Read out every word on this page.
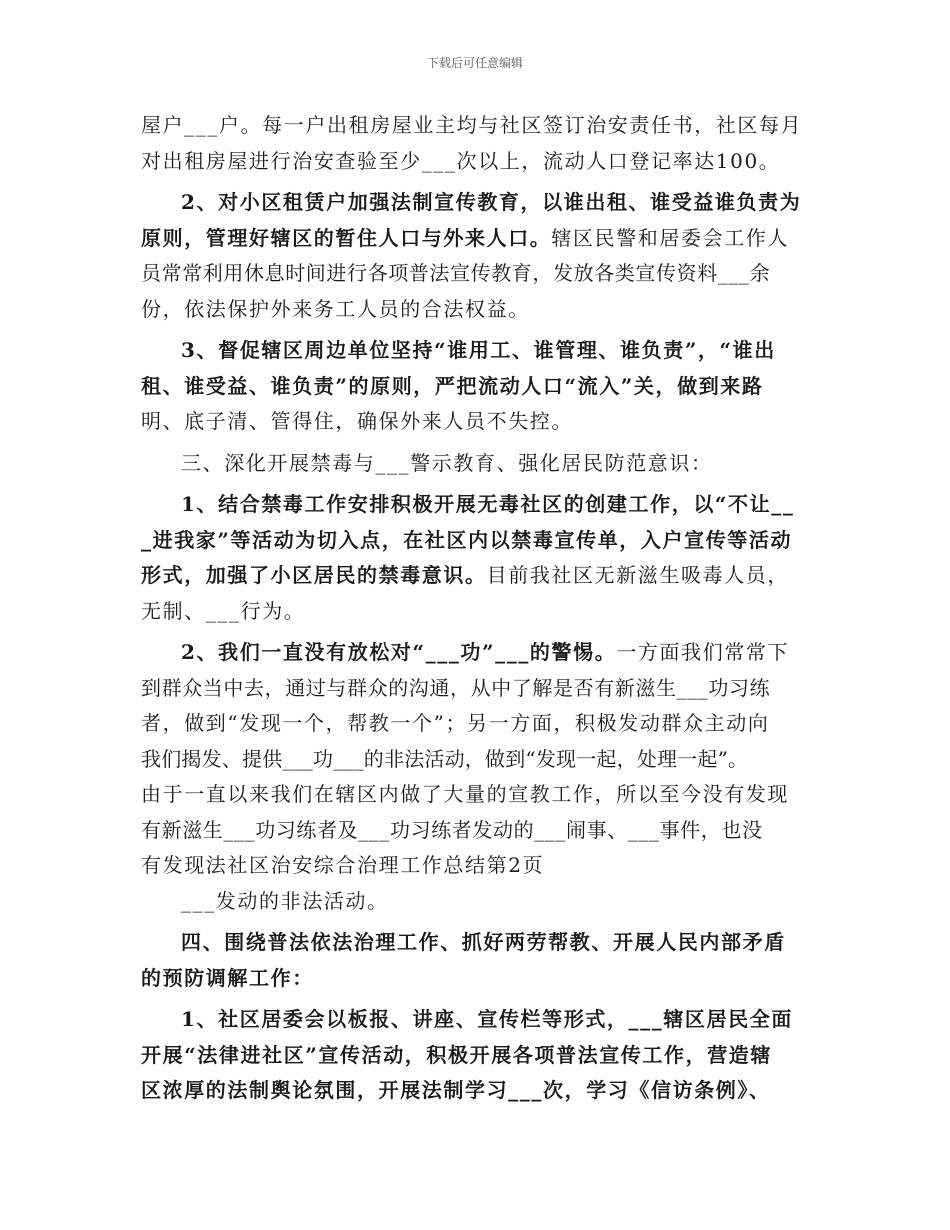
下载后可任意编辑
屋户___户。每一户出租房屋业主均与社区签订治安责任书，社区每月
对出租房屋进行治安查验至少___次以上，流动人口登记率达100。
2、对小区租赁户加强法制宣传教育，以谁出租、谁受益谁负责为
原则，管理好辖区的暂住人口与外来人口。辖区民警和居委会工作人
员常常利用休息时间进行各项普法宣传教育，发放各类宣传资料___余
份，依法保护外来务工人员的合法权益。
3、督促辖区周边单位坚持“谁用工、谁管理、谁负责”，“谁出
租、谁受益、谁负责”的原则，严把流动人口“流入”关，做到来路
明、底子清、管得住，确保外来人员不失控。
三、深化开展禁毒与___警示教育、强化居民防范意识：
1、结合禁毒工作安排积极开展无毒社区的创建工作，以“不让__
_进我家”等活动为切入点，在社区内以禁毒宣传单，入户宣传等活动
形式，加强了小区居民的禁毒意识。目前我社区无新滋生吸毒人员，
无制、___行为。
2、我们一直没有放松对“___功”___的警惕。一方面我们常常下
到群众当中去，通过与群众的沟通，从中了解是否有新滋生___功习练
者，做到“发现一个，帮教一个”；另一方面，积极发动群众主动向
我们揭发、提供___功___的非法活动，做到“发现一起，处理一起”。
由于一直以来我们在辖区内做了大量的宣教工作，所以至今没有发现
有新滋生___功习练者及___功习练者发动的___闹事、___事件，也没
有发现法社区治安综合治理工作总结第2页
___发动的非法活动。
四、围绕普法依法治理工作、抓好两劳帮教、开展人民内部矛盾
的预防调解工作：
1、社区居委会以板报、讲座、宣传栏等形式，___辖区居民全面
开展“法律进社区”宣传活动，积极开展各项普法宣传工作，营造辖
区浓厚的法制舆论氛围，开展法制学习___次，学习《信访条例》、
